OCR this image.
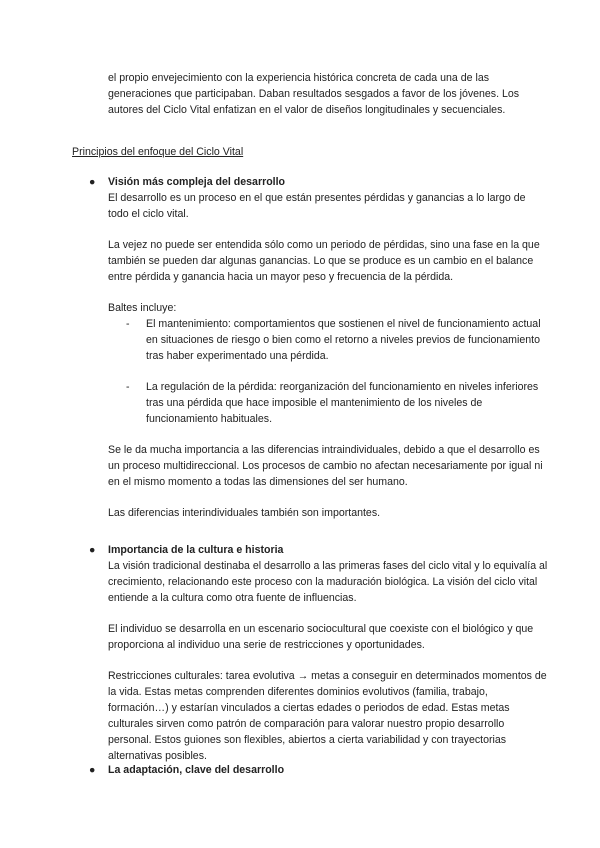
el propio envejecimiento con la experiencia histórica concreta de cada una de las generaciones que participaban. Daban resultados sesgados a favor de los jóvenes. Los autores del Ciclo Vital enfatizan en el valor de diseños longitudinales y secuenciales.

Principios del enfoque del Ciclo Vital
● Visión más compleja del desarrollo

El desarrollo es un proceso en el que están presentes pérdidas y ganancias a lo largo de todo el ciclo vital.

La vejez no puede ser entendida sólo como un periodo de pérdidas, sino una fase en la que también se pueden dar algunas ganancias. Lo que se produce es un cambio en el balance entre pérdida y ganancia hacia un mayor peso y frecuencia de la pérdida.

Baltes incluye:

- El mantenimiento: comportamientos que sostienen el nivel de funcionamiento actual en situaciones de riesgo o bien como el retorno a niveles previos de funcionamiento tras haber experimentado una pérdida.
- La regulación de la pérdida: reorganización del funcionamiento en niveles inferiores tras una pérdida que hace imposible el mantenimiento de los niveles de funcionamiento habituales.

Se le da mucha importancia a las diferencias intraindividuales, debido a que el desarrollo es un proceso multidireccional. Los procesos de cambio no afectan necesariamente por igual ni en el mismo momento a todas las dimensiones del ser humano.

Las diferencias interindividuales también son importantes.

● Importancia de la cultura e historia

La visión tradicional destinaba el desarrollo a las primeras fases del ciclo vital y lo equivalía al crecimiento, relacionando este proceso con la maduración biológica. La visión del ciclo vital entiende a la cultura como otra fuente de influencias.

El individuo se desarrolla en un escenario sociocultural que coexiste con el biológico y que proporciona al individuo una serie de restricciones y oportunidades.

Restricciones culturales: tarea evolutiva → metas a conseguir en determinados momentos de la vida. Estas metas comprenden diferentes dominios evolutivos (familia, trabajo, formación…) y estarían vinculados a ciertas edades o periodos de edad. Estas metas culturales sirven como patrón de comparación para valorar nuestro propio desarrollo personal. Estos guiones son flexibles, abiertos a cierta variabilidad y con trayectorias alternativas posibles.

● La adaptación, clave del desarrollo
